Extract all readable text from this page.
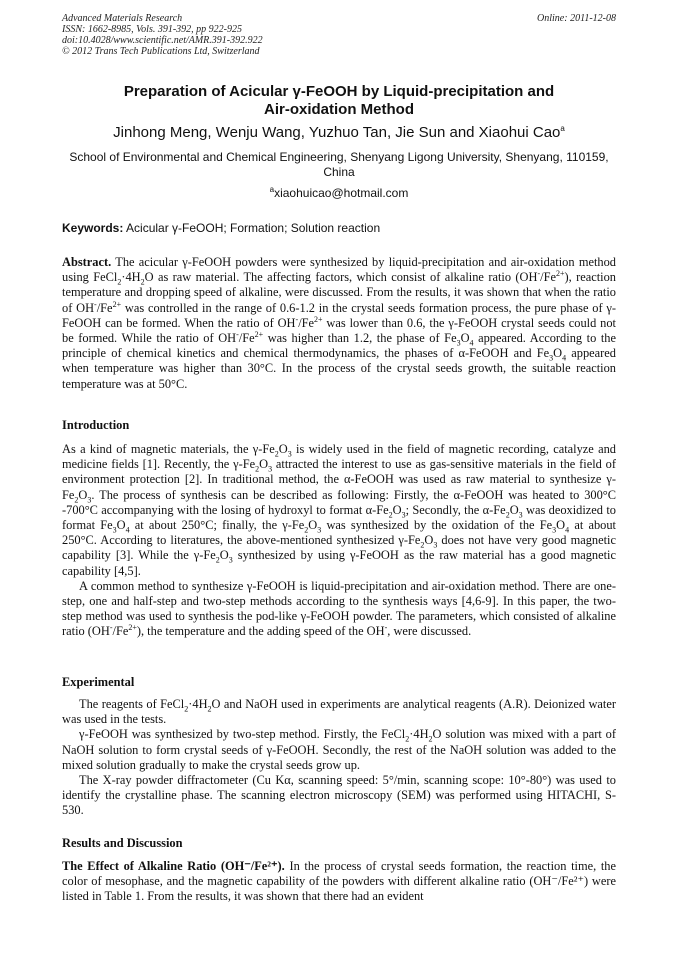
Advanced Materials Research
ISSN: 1662-8985, Vols. 391-392, pp 922-925
doi:10.4028/www.scientific.net/AMR.391-392.922
© 2012 Trans Tech Publications Ltd, Switzerland
Online: 2011-12-08
Preparation of Acicular γ-FeOOH by Liquid-precipitation and
Air-oxidation Method
Jinhong Meng, Wenju Wang, Yuzhuo Tan, Jie Sun and Xiaohui Cao$^a$
School of Environmental and Chemical Engineering, Shenyang Ligong University, Shenyang, 110159, China
$^a$xiaohuicao@hotmail.com
Keywords: Acicular γ-FeOOH; Formation; Solution reaction

Abstract. The acicular γ-FeOOH powders were synthesized by liquid-precipitation and air-oxidation method using $FeCl_2\cdot 4H_2O$ as raw material. The affecting factors, which consist of alkaline ratio $(OH^-/Fe^{2+})$, reaction temperature and dropping speed of alkaline, were discussed. From the results, it was shown that when the ratio of $OH^-/Fe^{2+}$ was controlled in the range of 0.6-1.2 in the crystal seeds formation process, the pure phase of γ-FeOOH can be formed. When the ratio of $OH^-/Fe^{2+}$ was lower than 0.6, the γ-FeOOH crystal seeds could not be formed. While the ratio of $OH^-/Fe^{2+}$ was higher than 1.2, the phase of $Fe_3O_4$ appeared. According to the principle of chemical kinetics and chemical thermodynamics, the phases of α-FeOOH and $Fe_3O_4$ appeared when temperature was higher than 30°C. In the process of the crystal seeds growth, the suitable reaction temperature was at 50°C.

Introduction

As a kind of magnetic materials, the $\gamma-Fe_2O_3$ is widely used in the field of magnetic recording, catalyze and medicine fields [1]. Recently, the $\gamma-Fe_2O_3$ attracted the interest to use as gas-sensitive materials in the field of environment protection [2]. In traditional method, the α-FeOOH was used as raw material to synthesize $\gamma-Fe_2O_3$. The process of synthesis can be described as following: Firstly, the α-FeOOH was heated to 300°C -700°C accompanying with the losing of hydroxyl to format $\alpha-Fe_2O_3$; Secondly, the $\alpha-Fe_2O_3$ was deoxidized to format $Fe_3O_4$ at about 250°C; finally, the $\gamma-Fe_2O_3$ was synthesized by the oxidation of the $Fe_3O_4$ at about 250°C. According to literatures, the above-mentioned synthesized $\gamma-Fe_2O_3$ does not have very good magnetic capability [3]. While the $\gamma-Fe_2O_3$ synthesized by using γ-FeOOH as the raw material has a good magnetic capability [4,5].

A common method to synthesize γ-FeOOH is liquid-precipitation and air-oxidation method. There are one-step, one and half-step and two-step methods according to the synthesis ways [4,6-9]. In this paper, the two-step method was used to synthesis the pod-like γ-FeOOH powder. The parameters, which consisted of alkaline ratio $(OH^-/Fe^{2+})$, the temperature and the adding speed of the OH-, were discussed.

Experimental

The reagents of $FeCl_2\cdot 4H_2O$ and NaOH used in experiments are analytical reagents (A.R). Deionized water was used in the tests.

γ-FeOOH was synthesized by two-step method. Firstly, the $FeCl_2\cdot 4H_2O$ solution was mixed with a part of NaOH solution to form crystal seeds of γ-FeOOH. Secondly, the rest of the NaOH solution was added to the mixed solution gradually to make the crystal seeds grow up.

The X-ray powder diffractometer (Cu Kα, scanning speed: 5°/min, scanning scope: 10°-80°) was used to identify the crystalline phase. The scanning electron microscopy (SEM) was performed using HITACHI, S-530.

Results and Discussion

The Effect of Alkaline Ratio (OH⁻/Fe²⁺). In the process of crystal seeds formation, the reaction time, the color of mesophase, and the magnetic capability of the powders with different alkaline ratio (OH⁻/Fe²⁺) were listed in Table 1. From the results, it was shown that there had an evident
